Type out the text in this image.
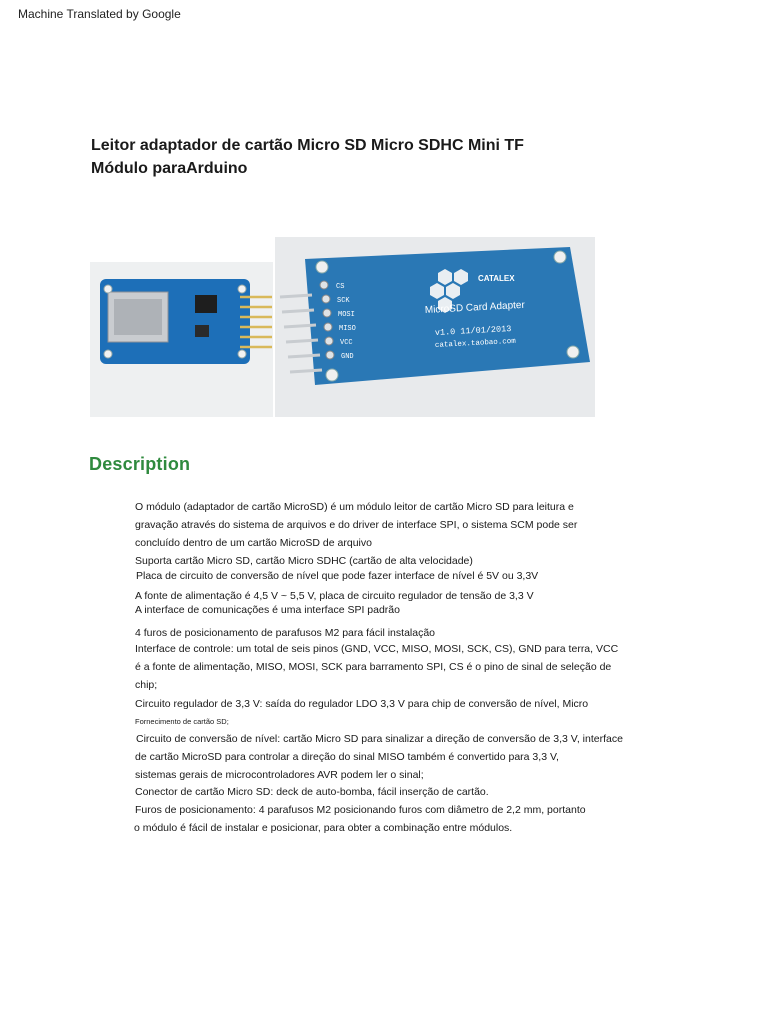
Machine Translated by Google
Leitor adaptador de cartão Micro SD Micro SDHC Mini TF
Módulo paraArduino
CS
SCK
MOSI
MISO
VCC
GND
CATALEX
MicroSD Card Adapter
v1.0 11/01/2013
catalex.taobao.com
Description
O módulo (adaptador de cartão MicroSD) é um módulo leitor de cartão Micro SD para leitura e
gravação através do sistema de arquivos e do driver de interface SPI, o sistema SCM pode ser
concluído dentro de um cartão MicroSD de arquivo
Suporta cartão Micro SD, cartão Micro SDHC (cartão de alta velocidade)
Placa de circuito de conversão de nível que pode fazer interface de nível é 5V ou 3,3V
A fonte de alimentação é 4,5 V ~ 5,5 V, placa de circuito regulador de tensão de 3,3 V
A interface de comunicações é uma interface SPI padrão
4 furos de posicionamento de parafusos M2 para fácil instalação
Interface de controle: um total de seis pinos (GND, VCC, MISO, MOSI, SCK, CS), GND para terra, VCC
é a fonte de alimentação, MISO, MOSI, SCK para barramento SPI, CS é o pino de sinal de seleção de
chip;
Circuito regulador de 3,3 V: saída do regulador LDO 3,3 V para chip de conversão de nível, Micro
Fornecimento de cartão SD;
Circuito de conversão de nível: cartão Micro SD para sinalizar a direção de conversão de 3,3 V, interface
de cartão MicroSD para controlar a direção do sinal MISO também é convertido para 3,3 V,
sistemas gerais de microcontroladores AVR podem ler o sinal;
Conector de cartão Micro SD: deck de auto-bomba, fácil inserção de cartão.
Furos de posicionamento: 4 parafusos M2 posicionando furos com diâmetro de 2,2 mm, portanto
o módulo é fácil de instalar e posicionar, para obter a combinação entre módulos.
